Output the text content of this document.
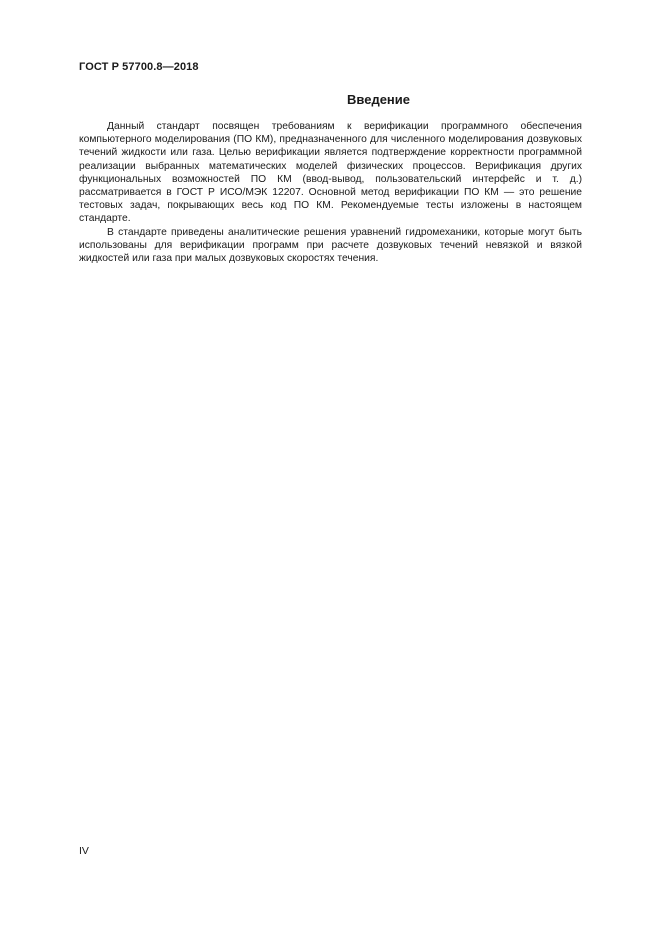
ГОСТ Р 57700.8—2018
Введение

Данный стандарт посвящен требованиям к верификации программного обеспечения компьютерного моделирования (ПО КМ), предназначенного для численного моделирования дозвуковых течений жидкости или газа. Целью верификации является подтверждение корректности программной реализации выбранных математических моделей физических процессов. Верификация других функциональных возможностей ПО КМ (ввод-вывод, пользовательский интерфейс и т. д.) рассматривается в ГОСТ Р ИСО/МЭК 12207. Основной метод верификации ПО КМ — это решение тестовых задач, покрывающих весь код ПО КМ. Рекомендуемые тесты изложены в настоящем стандарте.

В стандарте приведены аналитические решения уравнений гидромеханики, которые могут быть использованы для верификации программ при расчете дозвуковых течений невязкой и вязкой жидкостей или газа при малых дозвуковых скоростях течения.

IV
